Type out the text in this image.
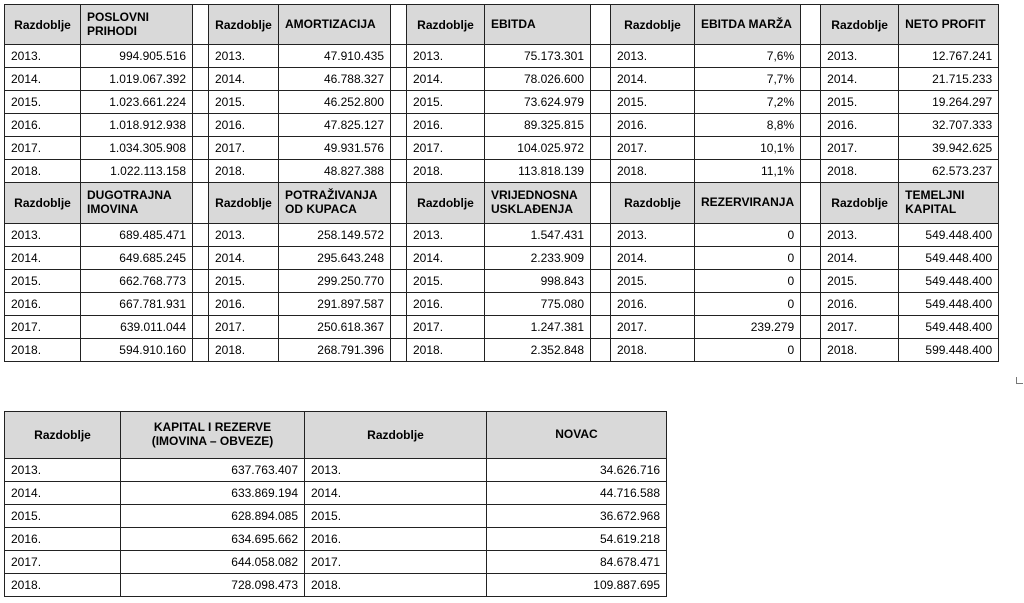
Razdoblje	POSLOVNI PRIHODI		Razdoblje	AMORTIZACIJA		Razdoblje	EBITDA		Razdoblje	EBITDA MARŽA		Razdoblje	NETO PROFIT
2013.	994.905.516		2013.	47.910.435		2013.	75.173.301		2013.	7,6%		2013.	12.767.241
2014.	1.019.067.392		2014.	46.788.327		2014.	78.026.600		2014.	7,7%		2014.	21.715.233
2015.	1.023.661.224		2015.	46.252.800		2015.	73.624.979		2015.	7,2%		2015.	19.264.297
2016.	1.018.912.938		2016.	47.825.127		2016.	89.325.815		2016.	8,8%		2016.	32.707.333
2017.	1.034.305.908		2017.	49.931.576		2017.	104.025.972		2017.	10,1%		2017.	39.942.625
2018.	1.022.113.158		2018.	48.827.388		2018.	113.818.139		2018.	11,1%		2018.	62.573.237
Razdoblje	DUGOTRAJNA IMOVINA		Razdoblje	POTRAŽIVANJA OD KUPACA		Razdoblje	VRIJEDNOSNA USKLAĐENJA		Razdoblje	REZERVIRANJA		Razdoblje	TEMELJNI KAPITAL
2013.	689.485.471		2013.	258.149.572		2013.	1.547.431		2013.	0		2013.	549.448.400
2014.	649.685.245		2014.	295.643.248		2014.	2.233.909		2014.	0		2014.	549.448.400
2015.	662.768.773		2015.	299.250.770		2015.	998.843		2015.	0		2015.	549.448.400
2016.	667.781.931		2016.	291.897.587		2016.	775.080		2016.	0		2016.	549.448.400
2017.	639.011.044		2017.	250.618.367		2017.	1.247.381		2017.	239.279		2017.	549.448.400
2018.	594.910.160		2018.	268.791.396		2018.	2.352.848		2018.	0		2018.	599.448.400
Razdoblje	KAPITAL I REZERVE (IMOVINA – OBVEZE)	Razdoblje	NOVAC
2013.	637.763.407	2013.	34.626.716
2014.	633.869.194	2014.	44.716.588
2015.	628.894.085	2015.	36.672.968
2016.	634.695.662	2016.	54.619.218
2017.	644.058.082	2017.	84.678.471
2018.	728.098.473	2018.	109.887.695
